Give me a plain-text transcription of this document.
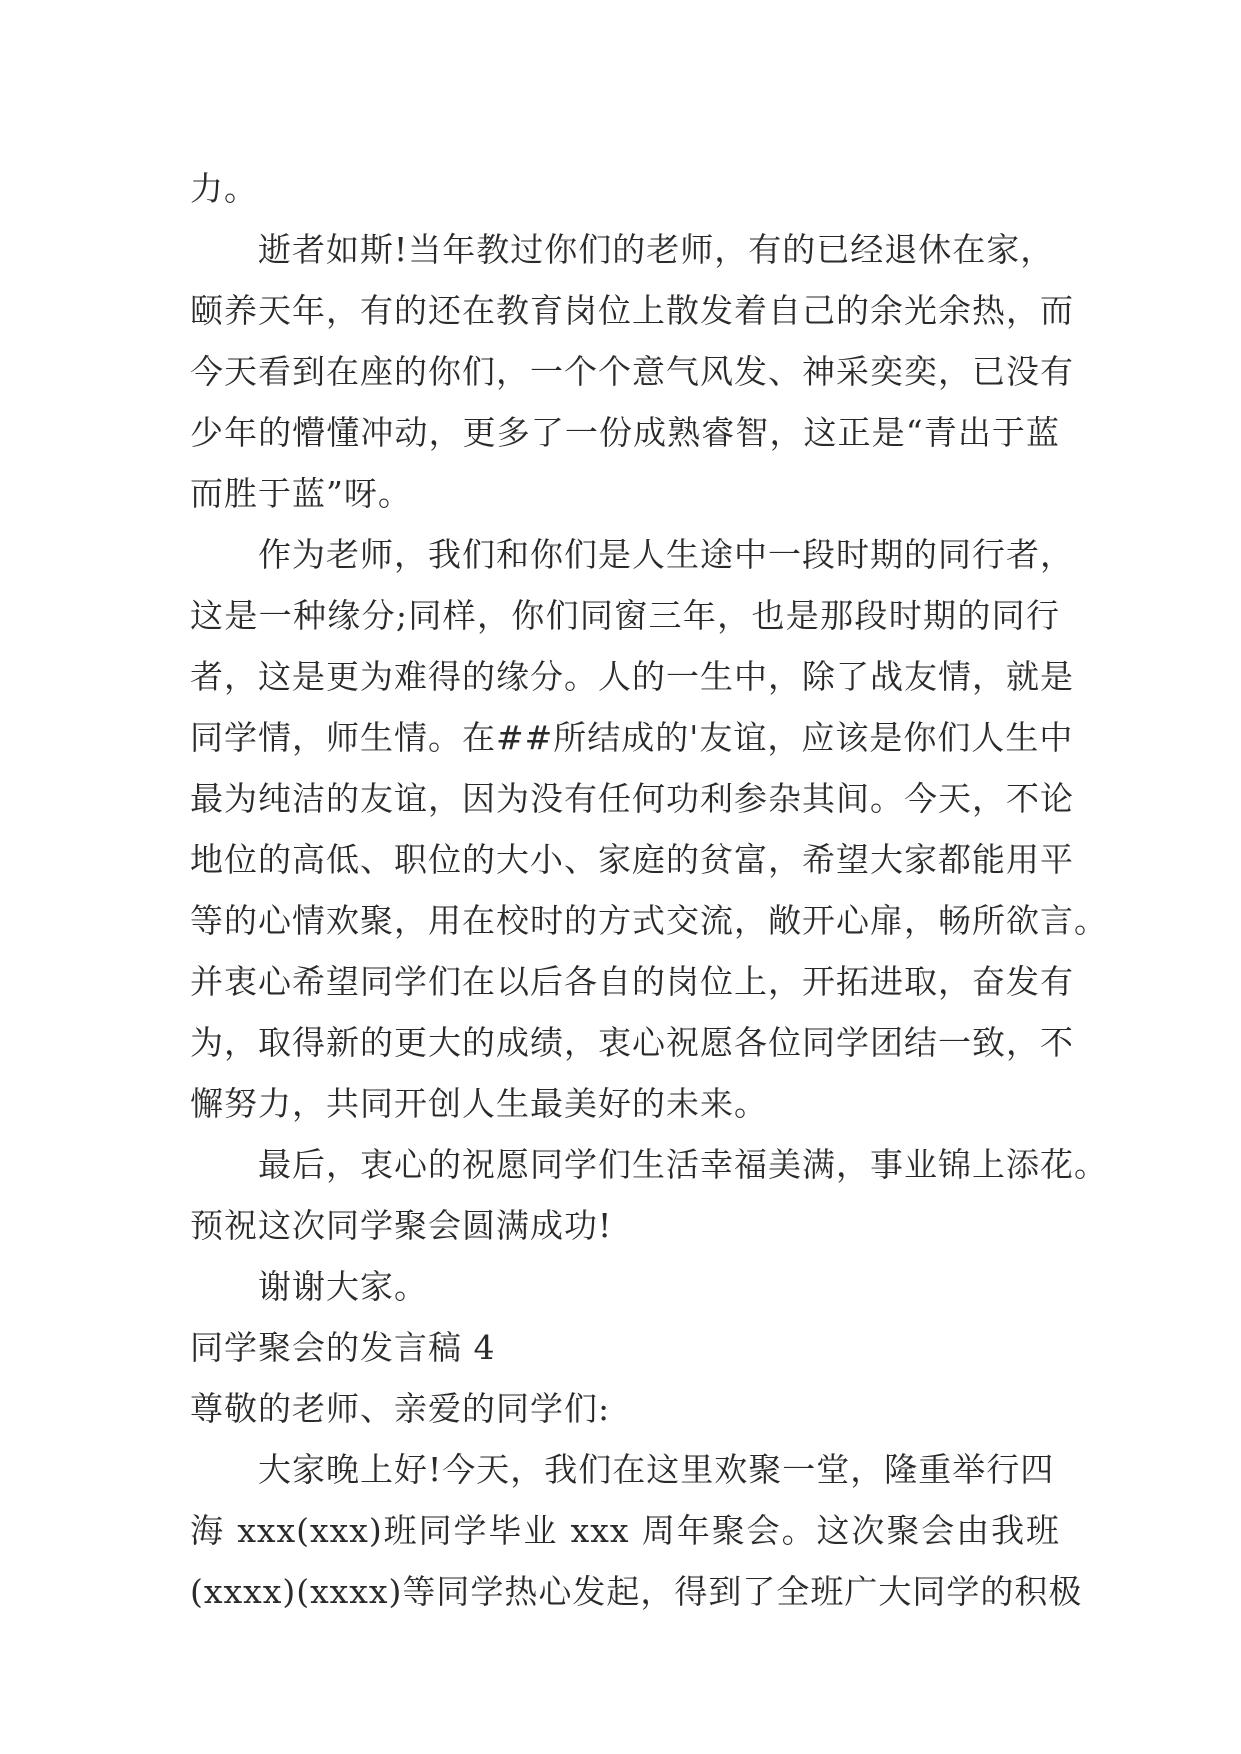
力。
逝者如斯!当年教过你们的老师，有的已经退休在家，
颐养天年，有的还在教育岗位上散发着自己的余光余热，而
今天看到在座的你们，一个个意气风发、神采奕奕，已没有
少年的懵懂冲动，更多了一份成熟睿智，这正是“青出于蓝
而胜于蓝”呀。
作为老师，我们和你们是人生途中一段时期的同行者，
这是一种缘分;同样，你们同窗三年，也是那段时期的同行
者，这是更为难得的缘分。人的一生中，除了战友情，就是
同学情，师生情。在##所结成的'友谊，应该是你们人生中
最为纯洁的友谊，因为没有任何功利参杂其间。今天，不论
地位的高低、职位的大小、家庭的贫富，希望大家都能用平
等的心情欢聚，用在校时的方式交流，敞开心扉，畅所欲言。
并衷心希望同学们在以后各自的岗位上，开拓进取，奋发有
为，取得新的更大的成绩，衷心祝愿各位同学团结一致，不
懈努力，共同开创人生最美好的未来。
最后，衷心的祝愿同学们生活幸福美满，事业锦上添花。
预祝这次同学聚会圆满成功!
谢谢大家。
同学聚会的发言稿 4
尊敬的老师、亲爱的同学们:
大家晚上好!今天，我们在这里欢聚一堂，隆重举行四
海 xxx(xxx)班同学毕业 xxx 周年聚会。这次聚会由我班
(xxxx)(xxxx)等同学热心发起，得到了全班广大同学的积极
